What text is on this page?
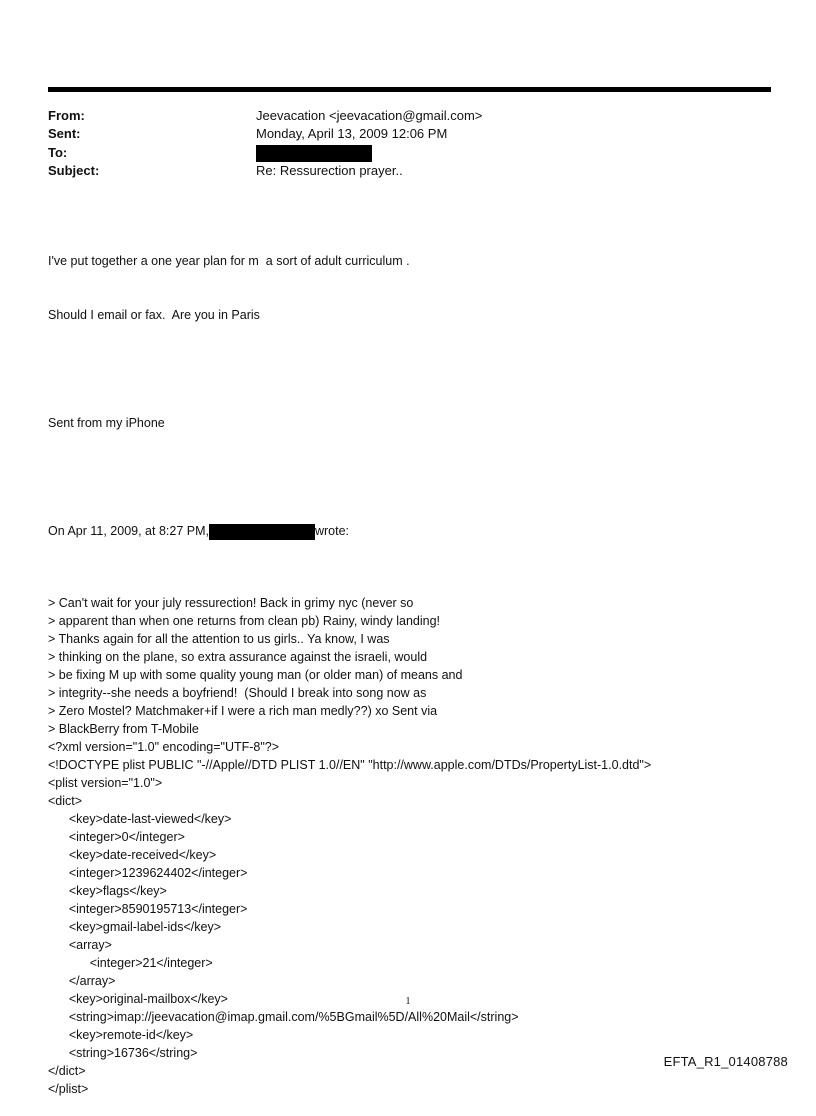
From:	Jeevacation <jeevacation@gmail.com>
Sent:	Monday, April 13, 2009 12:06 PM
To:
Subject:	Re: Ressurection prayer..

I've put together a one year plan for m  a sort of adult curriculum .

Should I email or fax.  Are you in Paris

Sent from my iPhone

On Apr 11, 2009, at 8:27 PM,	wrote:

> Can't wait for your july ressurection! Back in grimy nyc (never so
> apparent than when one returns from clean pb) Rainy, windy landing!
> Thanks again for all the attention to us girls.. Ya know, I was
> thinking on the plane, so extra assurance against the israeli, would
> be fixing M up with some quality young man (or older man) of means and
> integrity--she needs a boyfriend!  (Should I break into song now as
> Zero Mostel? Matchmaker+if I were a rich man medly??) xo Sent via
> BlackBerry from T-Mobile
<?xml version="1.0" encoding="UTF-8"?>
<!DOCTYPE plist PUBLIC "-//Apple//DTD PLIST 1.0//EN" "http://www.apple.com/DTDs/PropertyList-1.0.dtd">
<plist version="1.0">
<dict>
	<key>date-last-viewed</key>
	<integer>0</integer>
	<key>date-received</key>
	<integer>1239624402</integer>
	<key>flags</key>
	<integer>8590195713</integer>
	<key>gmail-label-ids</key>
	<array>
		<integer>21</integer>
	</array>
	<key>original-mailbox</key>
	<string>imap://jeevacation@imap.gmail.com/%5BGmail%5D/All%20Mail</string>
	<key>remote-id</key>
	<string>16736</string>
</dict>
</plist>

1
EFTA_R1_01408788
